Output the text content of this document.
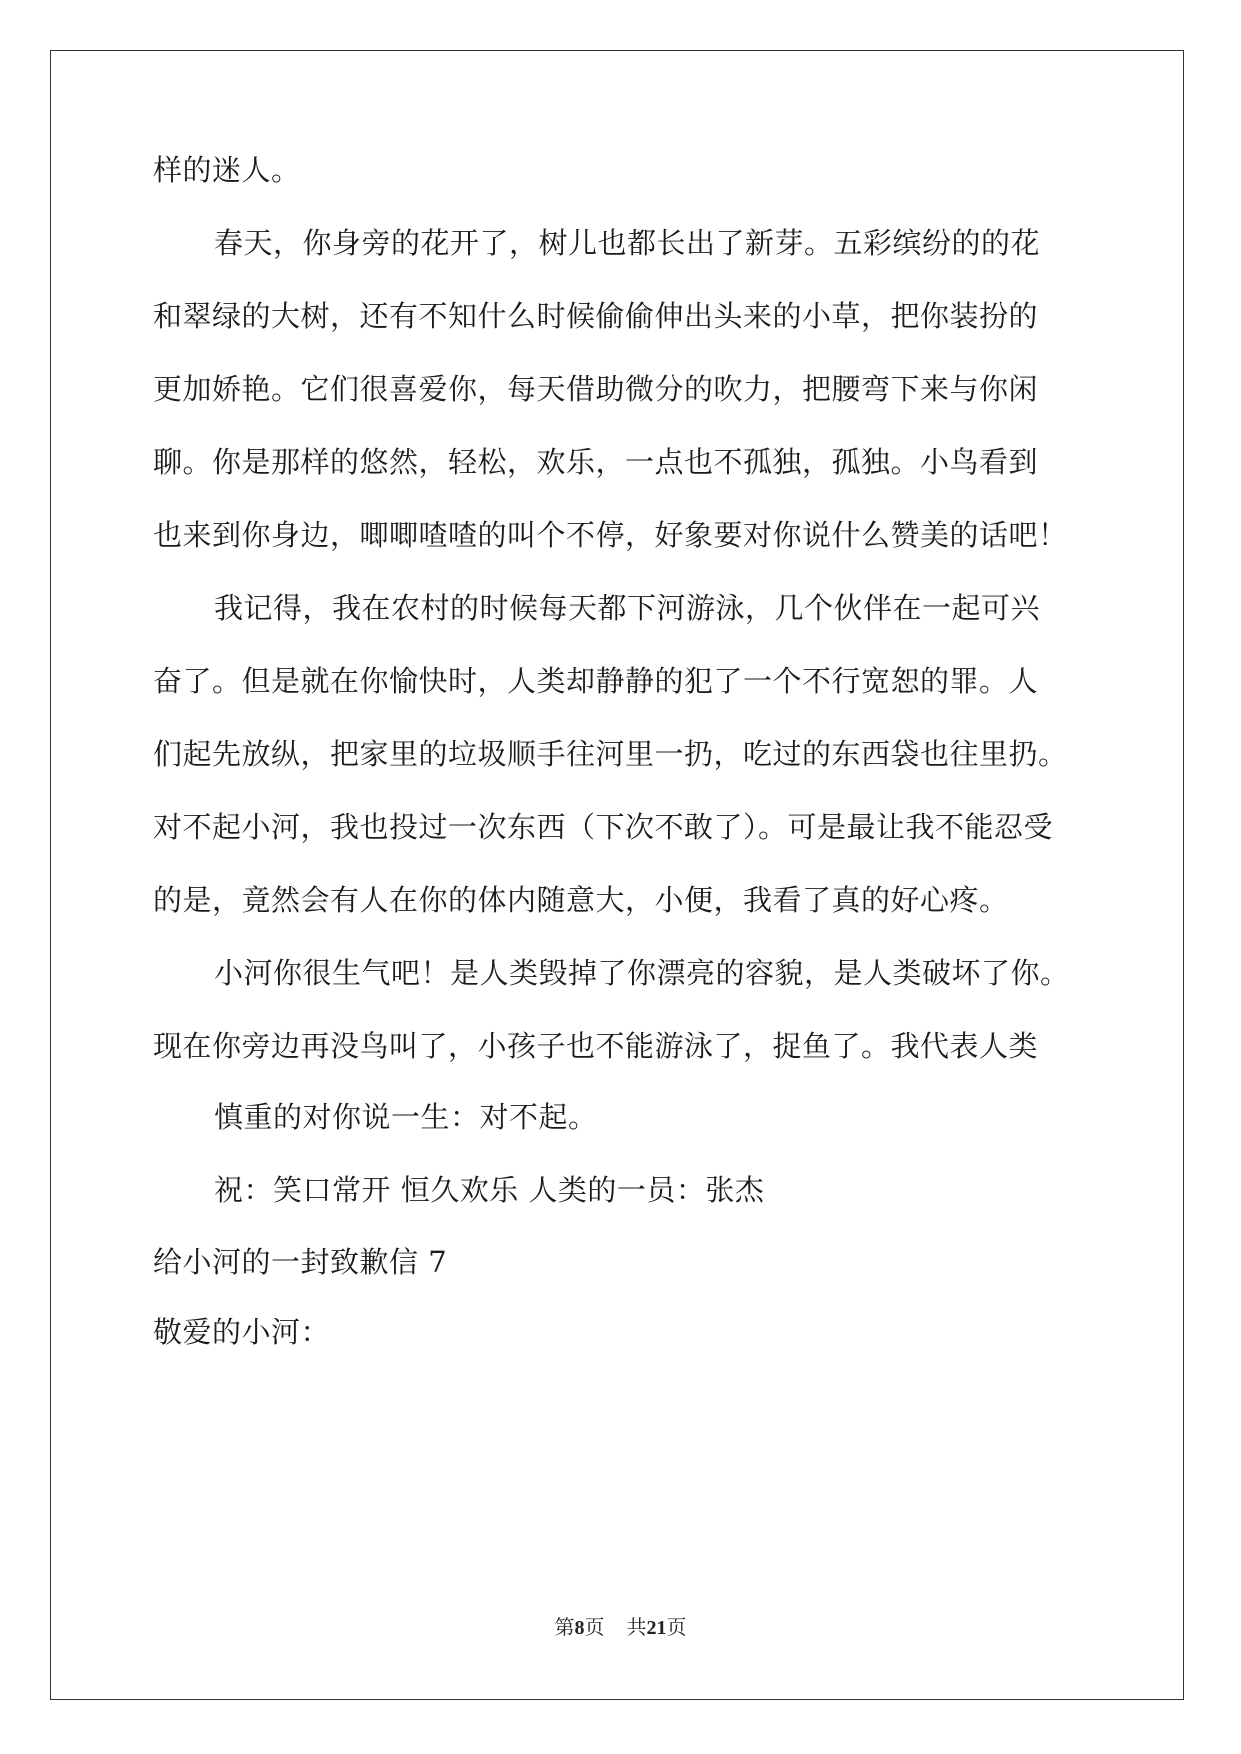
样的迷人。
春天，你身旁的花开了，树儿也都长出了新芽。五彩缤纷的的花
和翠绿的大树，还有不知什么时候偷偷伸出头来的小草，把你装扮的
更加娇艳。它们很喜爱你，每天借助微分的吹力，把腰弯下来与你闲
聊。你是那样的悠然，轻松，欢乐，一点也不孤独，孤独。小鸟看到
也来到你身边，唧唧喳喳的叫个不停，好象要对你说什么赞美的话吧！
我记得，我在农村的时候每天都下河游泳，几个伙伴在一起可兴
奋了。但是就在你愉快时，人类却静静的犯了一个不行宽恕的罪。人
们起先放纵，把家里的垃圾顺手往河里一扔，吃过的东西袋也往里扔。
对不起小河，我也投过一次东西（下次不敢了）。可是最让我不能忍受
的是，竟然会有人在你的体内随意大，小便，我看了真的好心疼。
小河你很生气吧！是人类毁掉了你漂亮的容貌，是人类破坏了你。
现在你旁边再没鸟叫了，小孩子也不能游泳了，捉鱼了。我代表人类
慎重的对你说一生：对不起。
祝：笑口常开 恒久欢乐 人类的一员：张杰
给小河的一封致歉信 7
敬爱的小河：
第8页 共21页
